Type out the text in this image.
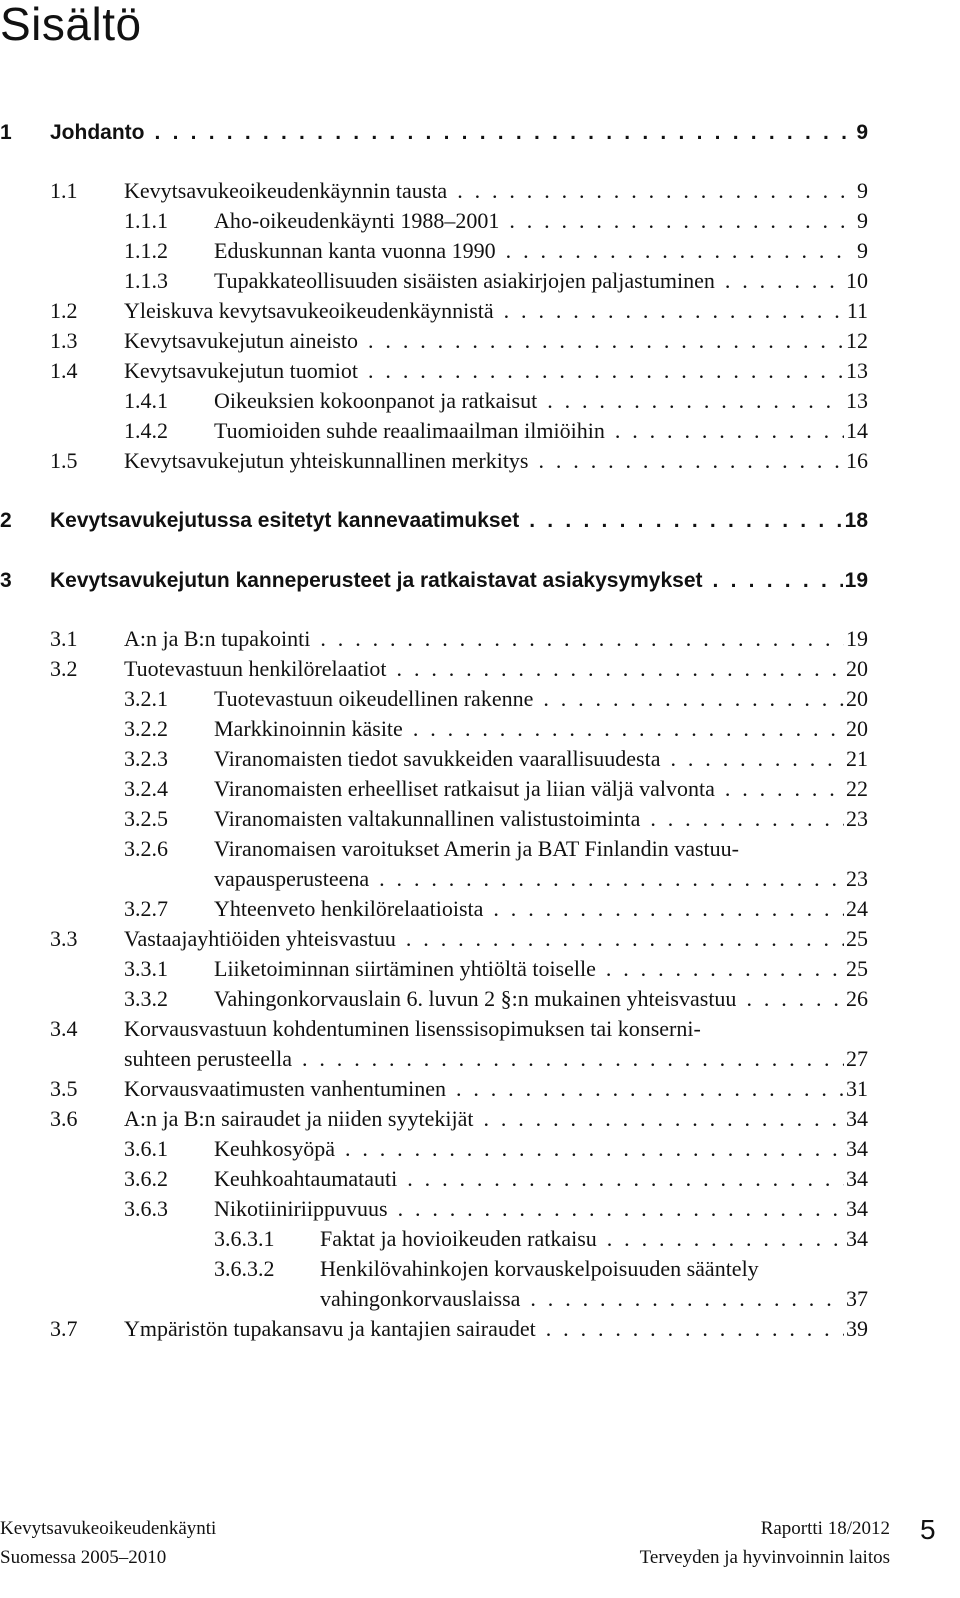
Sisältö
1 Johdanto . . .	9
1.1 Kevytsavukeoikeudenkäynnin tausta . . .	9
1.1.1 Aho-oikeudenkäynti 1988–2001 . . .	9
1.1.2 Eduskunnan kanta vuonna 1990 . . .	9
1.1.3 Tupakkateollisuuden sisäisten asiakirjojen paljastuminen . . .	10
1.2 Yleiskuva kevytsavukeoikeudenkäynnistä . . .	11
1.3 Kevytsavukejutun aineisto . . .	12
1.4 Kevytsavukejutun tuomiot . . .	13
1.4.1 Oikeuksien kokoonpanot ja ratkaisut . . .	13
1.4.2 Tuomioiden suhde reaalimaailman ilmiöihin . . .	14
1.5 Kevytsavukejutun yhteiskunnallinen merkitys . . .	16
2 Kevytsavukejutussa esitetyt kannevaatimukset . . .	18
3 Kevytsavukejutun kanneperusteet ja ratkaistavat asiakysymykset . . .	19
3.1 A:n ja B:n tupakointi . . .	19
3.2 Tuotevastuun henkilörelaatiot . . .	20
3.2.1 Tuotevastuun oikeudellinen rakenne . . .	20
3.2.2 Markkinoinnin käsite . . .	20
3.2.3 Viranomaisten tiedot savukkeiden vaarallisuudesta . . .	21
3.2.4 Viranomaisten erheelliset ratkaisut ja liian väljä valvonta . . .	22
3.2.5 Viranomaisten valtakunnallinen valistustoiminta . . .	23
3.2.6 Viranomaisen varoitukset Amerin ja BAT Finlandin vastuu-
vapausperusteena . . .	23
3.2.7 Yhteenveto henkilörelaatioista . . .	24
3.3 Vastaajayhtiöiden yhteisvastuu . . .	25
3.3.1 Liiketoiminnan siirtäminen yhtiöltä toiselle . . .	25
3.3.2 Vahingonkorvauslain 6. luvun 2 §:n mukainen yhteisvastuu . . .	26
3.4 Korvausvastuun kohdentuminen lisenssisopimuksen tai konserni-
suhteen perusteella . . .	27
3.5 Korvausvaatimusten vanhentuminen . . .	31
3.6 A:n ja B:n sairaudet ja niiden syytekijät . . .	34
3.6.1 Keuhkosyöpä . . .	34
3.6.2 Keuhkoahtaumatauti . . .	34
3.6.3 Nikotiiniriippuvuus . . .	34
3.6.3.1 Faktat ja hovioikeuden ratkaisu . . .	34
3.6.3.2 Henkilövahinkojen korvauskelpoisuuden sääntely
vahingonkorvauslaissa . . .	37
3.7 Ympäristön tupakansavu ja kantajien sairaudet . . .	39
Kevytsavukeoikeudenkäynti
Suomessa 2005–2010
Raportti 18/2012
Terveyden ja hyvinvoinnin laitos
5
